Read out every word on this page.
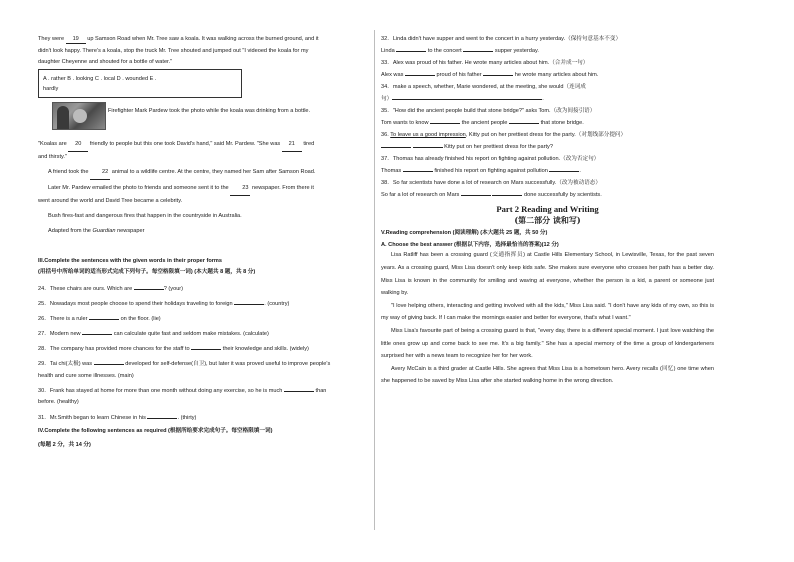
They were 19 up Samson Road when Mr. Tree saw a koala. It was walking across the burned ground, and it
didn't look happy. There's a koala, stop the truck Mr. Tree shouted and jumped out "I videoed the koala for my
daughter Cheyenne and shouted for a bottle of water."
A . rather B . looking C . local D . wounded E .
hardly
Firefighter Mark Pardew took the photo while the koala was drinking from a bottle.
"Koalas are 20 friendly to people but this one took David's hand," said Mr. Pardew. "She was 21 tired
and thirsty."
A friend took the 22 animal to a wildlife centre. At the centre, they named her Sam after Samson Road.
Later Mr. Pardew emailed the photo to friends and someone sent it to the 23 newspaper. From there it
went around the world and David Tree became a celebrity.
Bush fires-fast and dangerous fires that happen in the countryside in Australia.
Adapted from the Guardian newspaper
III.Complete the sentences with the given words in their proper forms
(用括号中所给单词的适当形式完成下列句子。每空格限填一词) (本大题共 8 题，共 8 分)
24．These chairs are ours. Which are	? (your)
25．Nowadays most people choose to spend their holidays traveling to foreign	. (country)
26．There is a ruler	on the floor. (lie)
27．Modern new	can calculate quite fast and seldom make mistakes. (calculate)
28．The company has provided more chances for the staff to	their knowledge and skills. (widely)
29．Tai chi(太极) was	developed for self-defense(自卫), but later it was proved useful to improve people's
health and cure some illnesses. (main)
30．Frank has stayed at home for more than one month without doing any exercise, so he is much	than
before. (healthy)
31．Mr.Smith began to learn Chinese in his	. (thirty)
IV.Complete the following sentences as required (根据所给要求完成句子。每空格限填一词)
(每题 2 分，共 14 分)
32．Linda didn't have supper and went to the concert in a hurry yesterday.（保持句意基本不变）
Linda	to the concert	supper yesterday.
33．Alex was proud of his father. He wrote many articles about him.（合并成一句）
Alex was	proud of his father	he wrote many articles about him.
34．make a speech, whether, Marie wondered, at the meeting, she would（连词成
句）	.
35．"How did the ancient people build that stone bridge?" asks Tom.（改为间接引语）
Tom wants to know	the ancient people	that stone bridge.
36. To leave us a good impression, Kitty put on her prettiest dress for the party.（对划线部分提问）
Kitty put on her prettiest dress for the party?
37．Thomas has already finished his report on fighting against pollution.（改为否定句）
Thomas	finished his report on fighting against pollution	.
38．So far scientists have done a lot of research on Mars successfully.（改为被动语态）
So far a lot of research on Mars	done successfully by scientists.
Part 2 Reading and Writing
(第二部分 读和写)
V.Reading comprehension (阅读理解) (本大题共 25 题，共 50 分)
A. Choose the best answer (根据以下内容，选择最恰当的答案)(12 分)
Lisa Ratliff has been a crossing guard (交通指挥员) at Castle Hills Elementary School, in Lewisville, Texas, for the past seven years. As a crossing guard, Miss Lisa doesn't only keep kids safe. She makes sure everyone who crosses her path has a better day. Miss Lisa is known in the community for smiling and waving at everyone, whether the person is a kid, a parent or someone just walking by.
"I love helping others, interacting and getting involved with all the kids," Miss Lisa said. "I don't have any kids of my own, so this is my way of giving back. If I can make the mornings easier and better for everyone, that's what I want."
Miss Lisa's favourite part of being a crossing guard is that, "every day, there is a different special moment. I just love watching the little ones grow up and come back to see me. It's a big family." She has a special memory of the time a group of kindergarteners surprised her with a news team to recognize her for her work.
Avery McCain is a third grader at Castle Hills. She agrees that Miss Lisa is a hometown hero. Avery recalls (回忆) one time when she happened to be saved by Miss Lisa after she started walking home in the wrong direction.
